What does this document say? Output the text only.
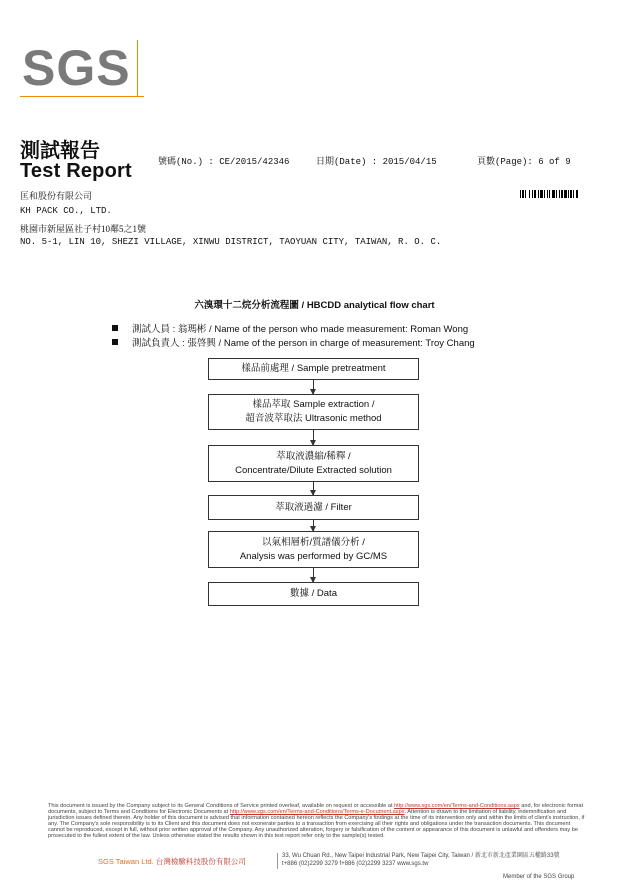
SGS
測試報告
Test Report	號碼(No.) : CE/2015/42346	日期(Date) : 2015/04/15	頁數(Page): 6 of 9
匡和股份有限公司
KH PACK CO., LTD.
桃園市新屋區社子村10鄰5之1號
NO. 5-1, LIN 10, SHEZI VILLAGE, XINWU DISTRICT, TAOYUAN CITY, TAIWAN, R. O. C.
六溴環十二烷分析流程圖 / HBCDD analytical flow chart
測試人員 : 翁瑪彬 / Name of the person who made measurement: Roman Wong
測試負責人 : 張啓興 / Name of the person in charge of measurement: Troy Chang
樣品前處理 / Sample pretreatment
樣品萃取 Sample extraction /
超音波萃取法 Ultrasonic method
萃取液濃縮/稀釋 /
Concentrate/Dilute Extracted solution
萃取液過濾 / Filter
以氣相層析/質譜儀分析 /
Analysis was performed by GC/MS
數據 / Data
This document is issued by the Company subject to its General Conditions of Service printed overleaf, available on request or accessible at http://www.sgs.com/en/Terms-and-Conditions.aspx and, for electronic format documents, subject to Terms and Conditions for Electronic Documents at http://www.sgs.com/en/Terms-and-Conditions/Terms-e-Document.aspx. Attention is drawn to the limitation of liability, indemnification and jurisdiction issues defined therein. Any holder of this document is advised that information contained hereon reflects the Company's findings at the time of its intervention only and within the limits of client's instruction, if any. The Company's sole responsibility is to its Client and this document does not exonerate parties to a transaction from exercising all their rights and obligations under the transaction documents. This document cannot be reproduced, except in full, without prior written approval of the Company. Any unauthorized alteration, forgery or falsification of the content or appearance of this document is unlawful and offenders may be prosecuted to the fullest extent of the law. Unless otherwise stated the results shown in this test report refer only to the sample(s) tested.
SGS Taiwan Ltd. 台灣檢驗科技股份有限公司
33, Wu Chuan Rd., New Taipei Industrial Park, New Taipei City, Taiwan / 新北市新北產業園區五權路33號
t+886 (02)2299 3279 f+886 (02)2299 3237 www.sgs.tw
Member of the SGS Group
